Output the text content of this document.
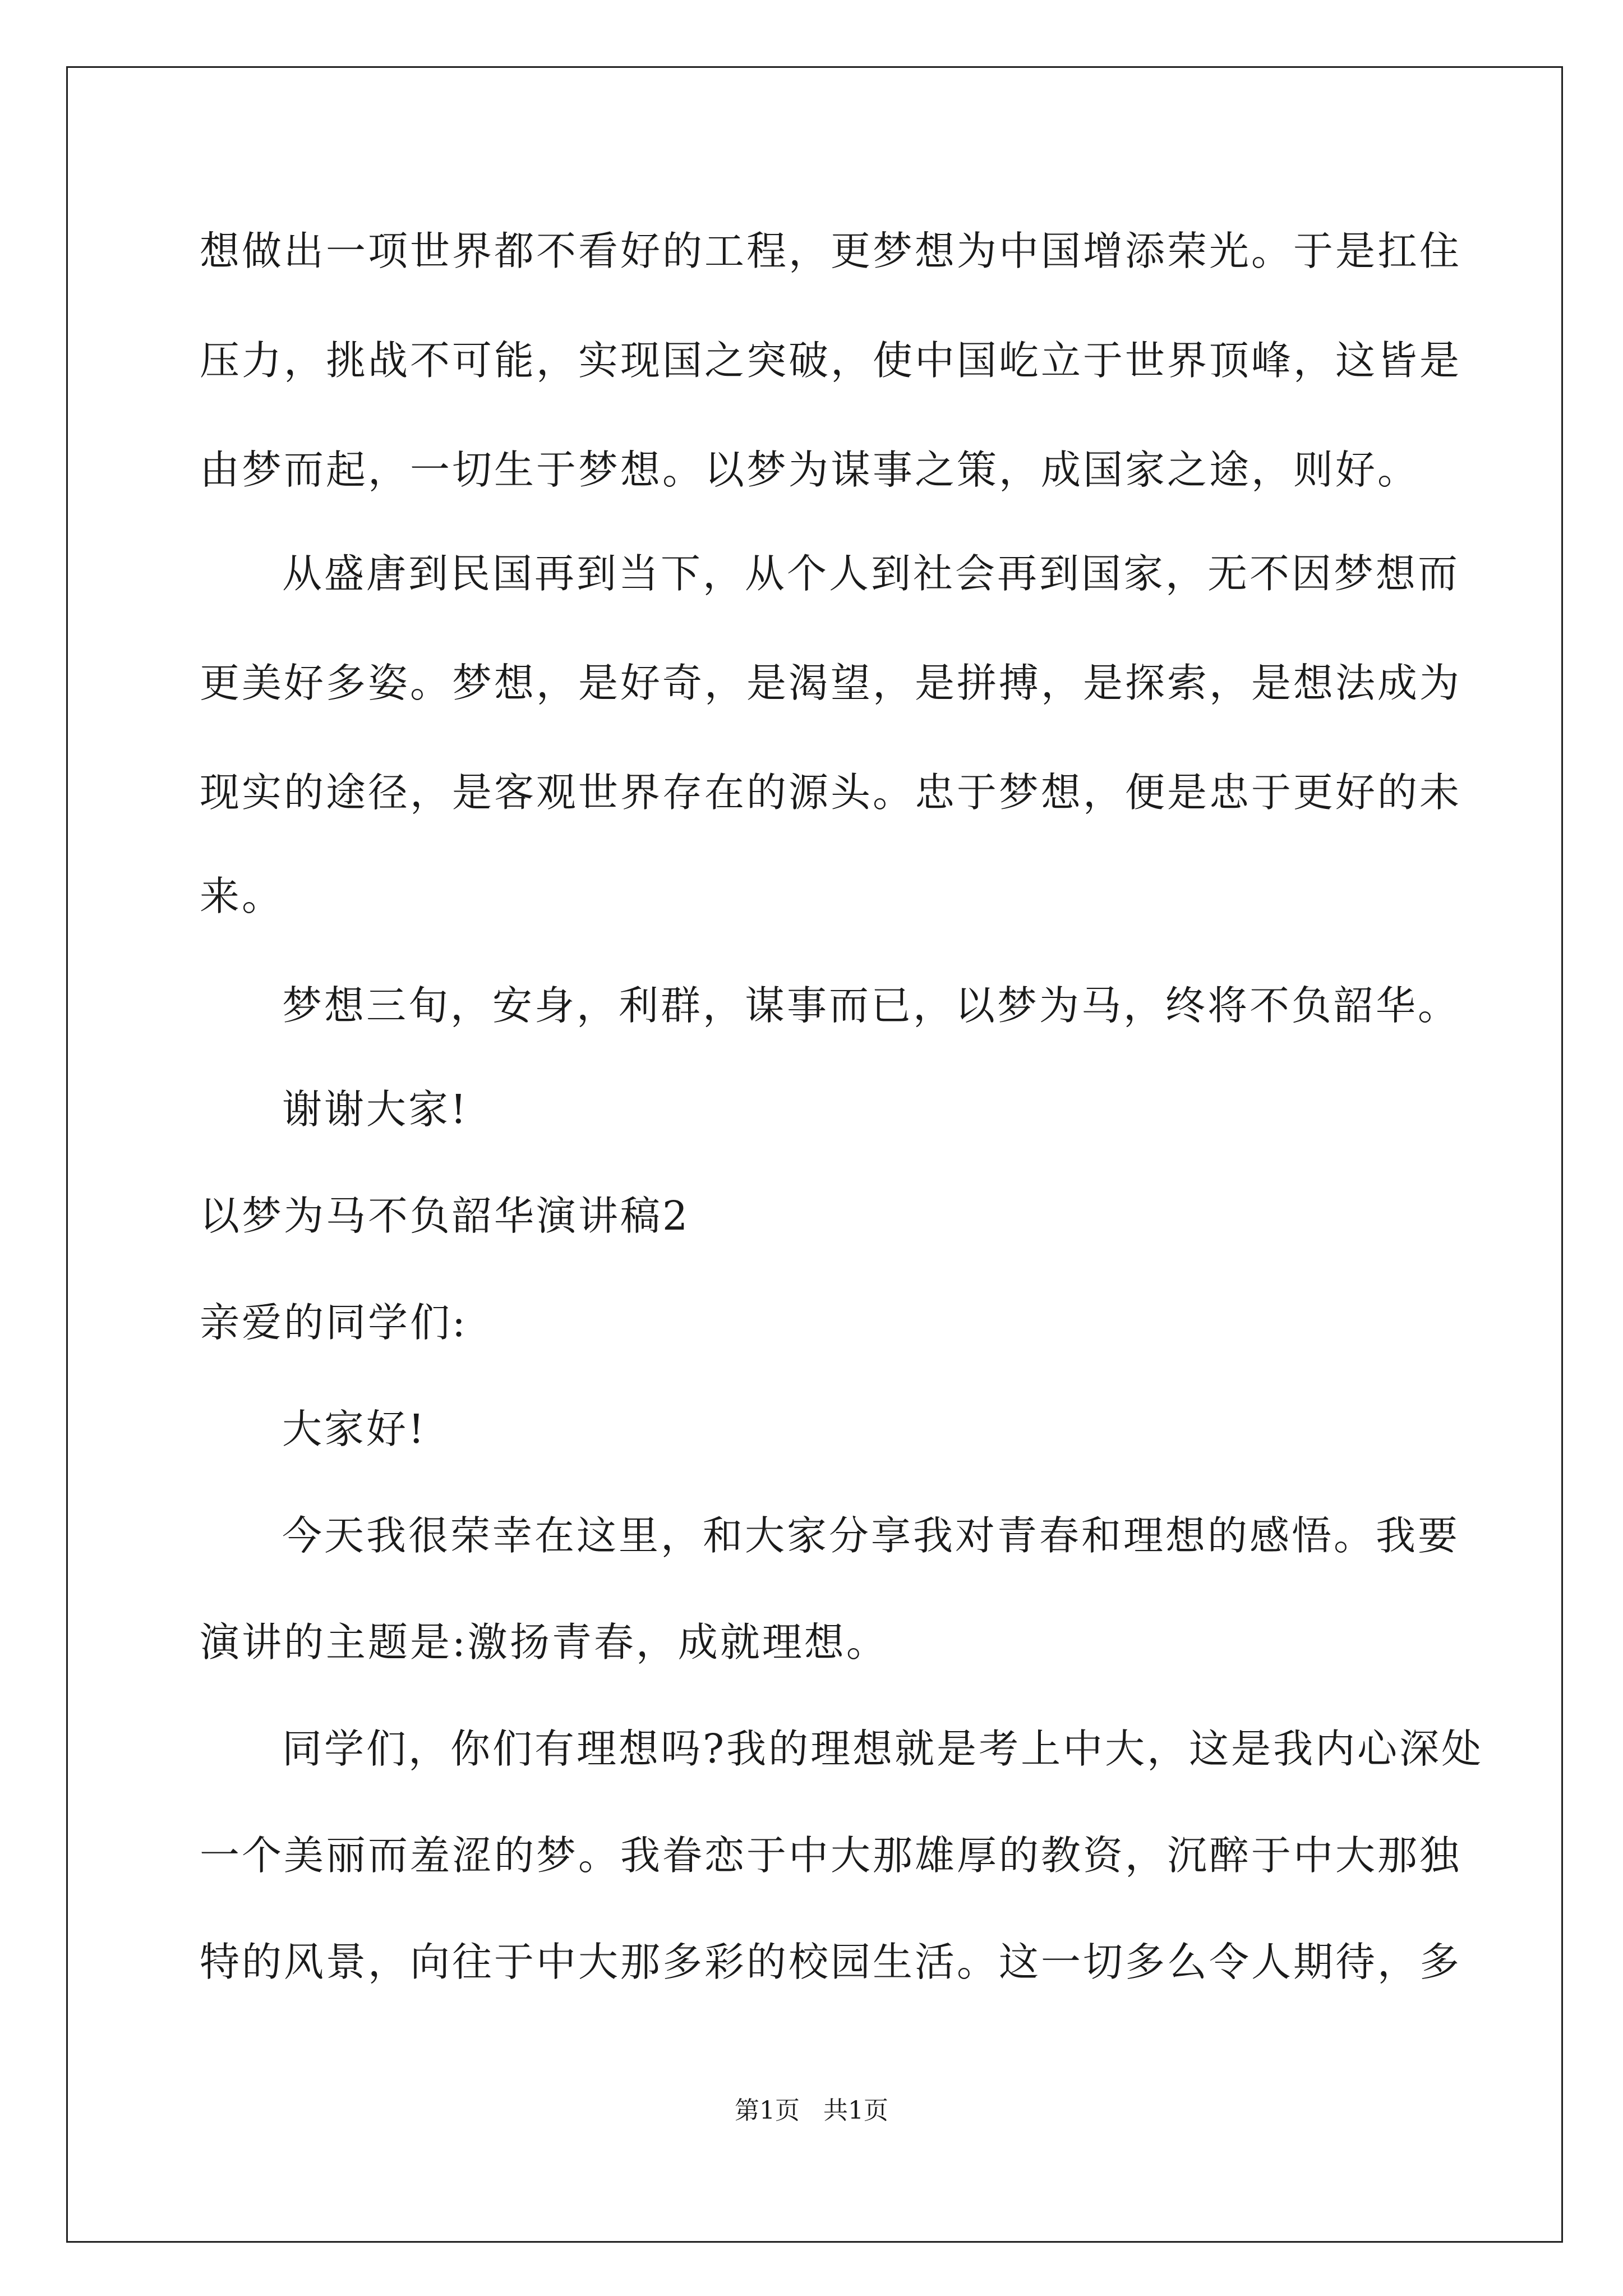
想做出一项世界都不看好的工程，更梦想为中国增添荣光。于是扛住
压力，挑战不可能，实现国之突破，使中国屹立于世界顶峰，这皆是
由梦而起，一切生于梦想。以梦为谋事之策，成国家之途，则好。
从盛唐到民国再到当下，从个人到社会再到国家，无不因梦想而
更美好多姿。梦想，是好奇，是渴望，是拼搏，是探索，是想法成为
现实的途径，是客观世界存在的源头。忠于梦想，便是忠于更好的未
来。
梦想三旬，安身，利群，谋事而已，以梦为马，终将不负韶华。
谢谢大家!
以梦为马不负韶华演讲稿2
亲爱的同学们:
大家好!
今天我很荣幸在这里，和大家分享我对青春和理想的感悟。我要
演讲的主题是:激扬青春，成就理想。
同学们，你们有理想吗?我的理想就是考上中大，这是我内心深处
一个美丽而羞涩的梦。我眷恋于中大那雄厚的教资，沉醉于中大那独
特的风景，向往于中大那多彩的校园生活。这一切多么令人期待，多
第1页   共1页
